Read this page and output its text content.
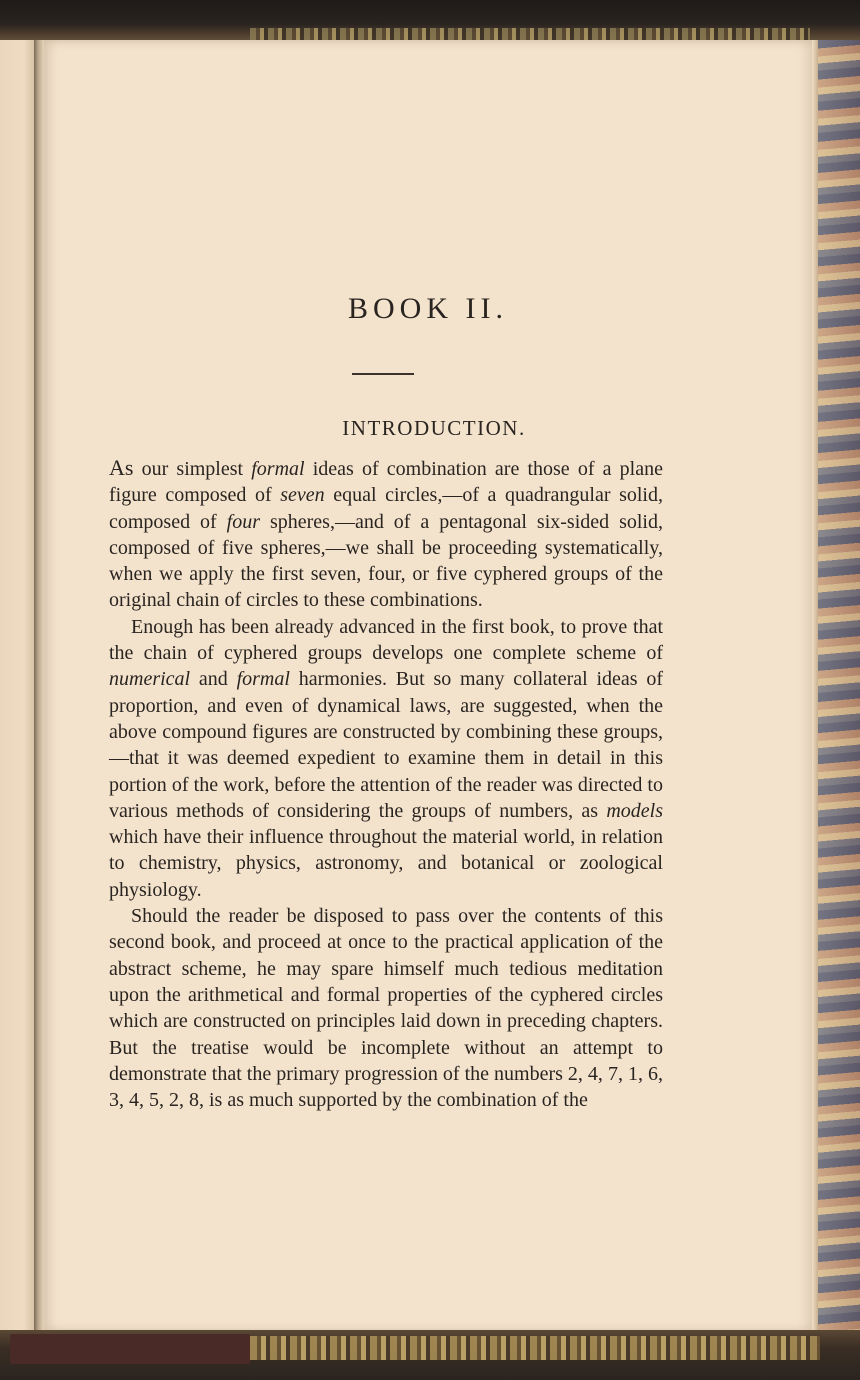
BOOK II.
INTRODUCTION.

As our simplest formal ideas of combination are those of a plane figure composed of seven equal circles,—of a quadrangular solid, composed of four spheres,—and of a pentagonal six-sided solid, composed of five spheres,—we shall be proceeding systematically, when we apply the first seven, four, or five cyphered groups of the original chain of circles to these combinations.

Enough has been already advanced in the first book, to prove that the chain of cyphered groups develops one complete scheme of numerical and formal harmonies. But so many collateral ideas of proportion, and even of dynamical laws, are suggested, when the above compound figures are constructed by combining these groups,—that it was deemed expedient to examine them in detail in this portion of the work, before the attention of the reader was directed to various methods of considering the groups of numbers, as models which have their influence throughout the material world, in relation to chemistry, physics, astronomy, and botanical or zoological physiology.

Should the reader be disposed to pass over the contents of this second book, and proceed at once to the practical application of the abstract scheme, he may spare himself much tedious meditation upon the arithmetical and formal properties of the cyphered circles which are constructed on principles laid down in preceding chapters. But the treatise would be incomplete without an attempt to demonstrate that the primary progression of the numbers 2, 4, 7, 1, 6, 3, 4, 5, 2, 8, is as much supported by the combination of the
